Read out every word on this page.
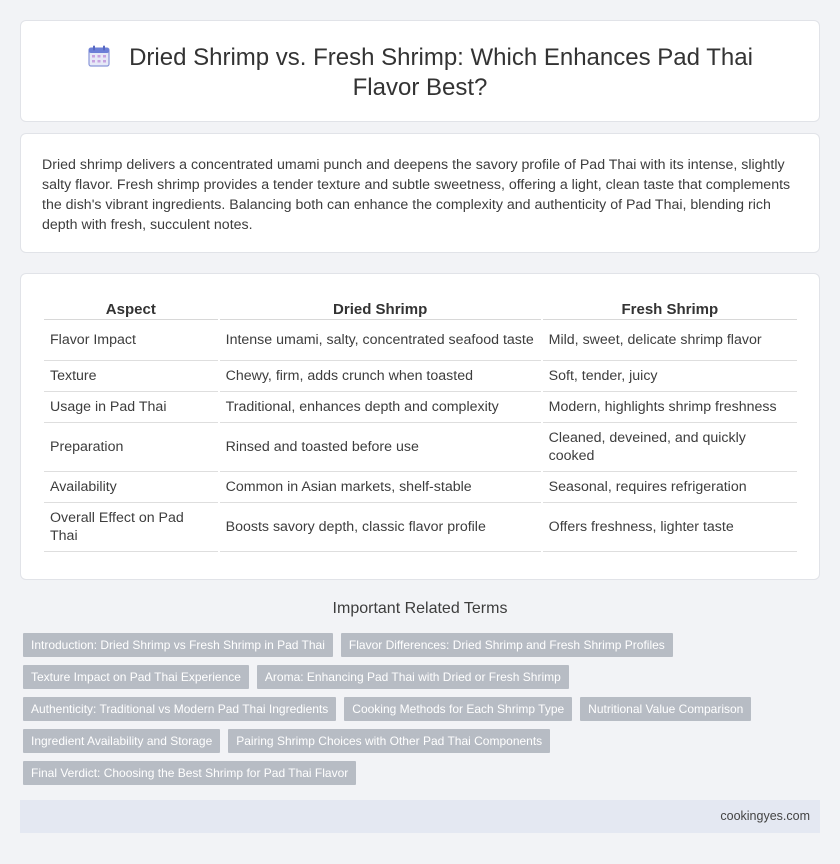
Dried Shrimp vs. Fresh Shrimp: Which Enhances Pad Thai Flavor Best?

Dried shrimp delivers a concentrated umami punch and deepens the savory profile of Pad Thai with its intense, slightly salty flavor. Fresh shrimp provides a tender texture and subtle sweetness, offering a light, clean taste that complements the dish's vibrant ingredients. Balancing both can enhance the complexity and authenticity of Pad Thai, blending rich depth with fresh, succulent notes.

Aspect	Dried Shrimp	Fresh Shrimp
Flavor Impact	Intense umami, salty, concentrated seafood taste	Mild, sweet, delicate shrimp flavor
Texture	Chewy, firm, adds crunch when toasted	Soft, tender, juicy
Usage in Pad Thai	Traditional, enhances depth and complexity	Modern, highlights shrimp freshness
Preparation	Rinsed and toasted before use	Cleaned, deveined, and quickly cooked
Availability	Common in Asian markets, shelf-stable	Seasonal, requires refrigeration
Overall Effect on Pad Thai	Boosts savory depth, classic flavor profile	Offers freshness, lighter taste
Important Related Terms
Introduction: Dried Shrimp vs Fresh Shrimp in Pad Thai	Flavor Differences: Dried Shrimp and Fresh Shrimp Profiles
Texture Impact on Pad Thai Experience	Aroma: Enhancing Pad Thai with Dried or Fresh Shrimp
Authenticity: Traditional vs Modern Pad Thai Ingredients	Cooking Methods for Each Shrimp Type	Nutritional Value Comparison
Ingredient Availability and Storage	Pairing Shrimp Choices with Other Pad Thai Components
Final Verdict: Choosing the Best Shrimp for Pad Thai Flavor
cookingyes.com
